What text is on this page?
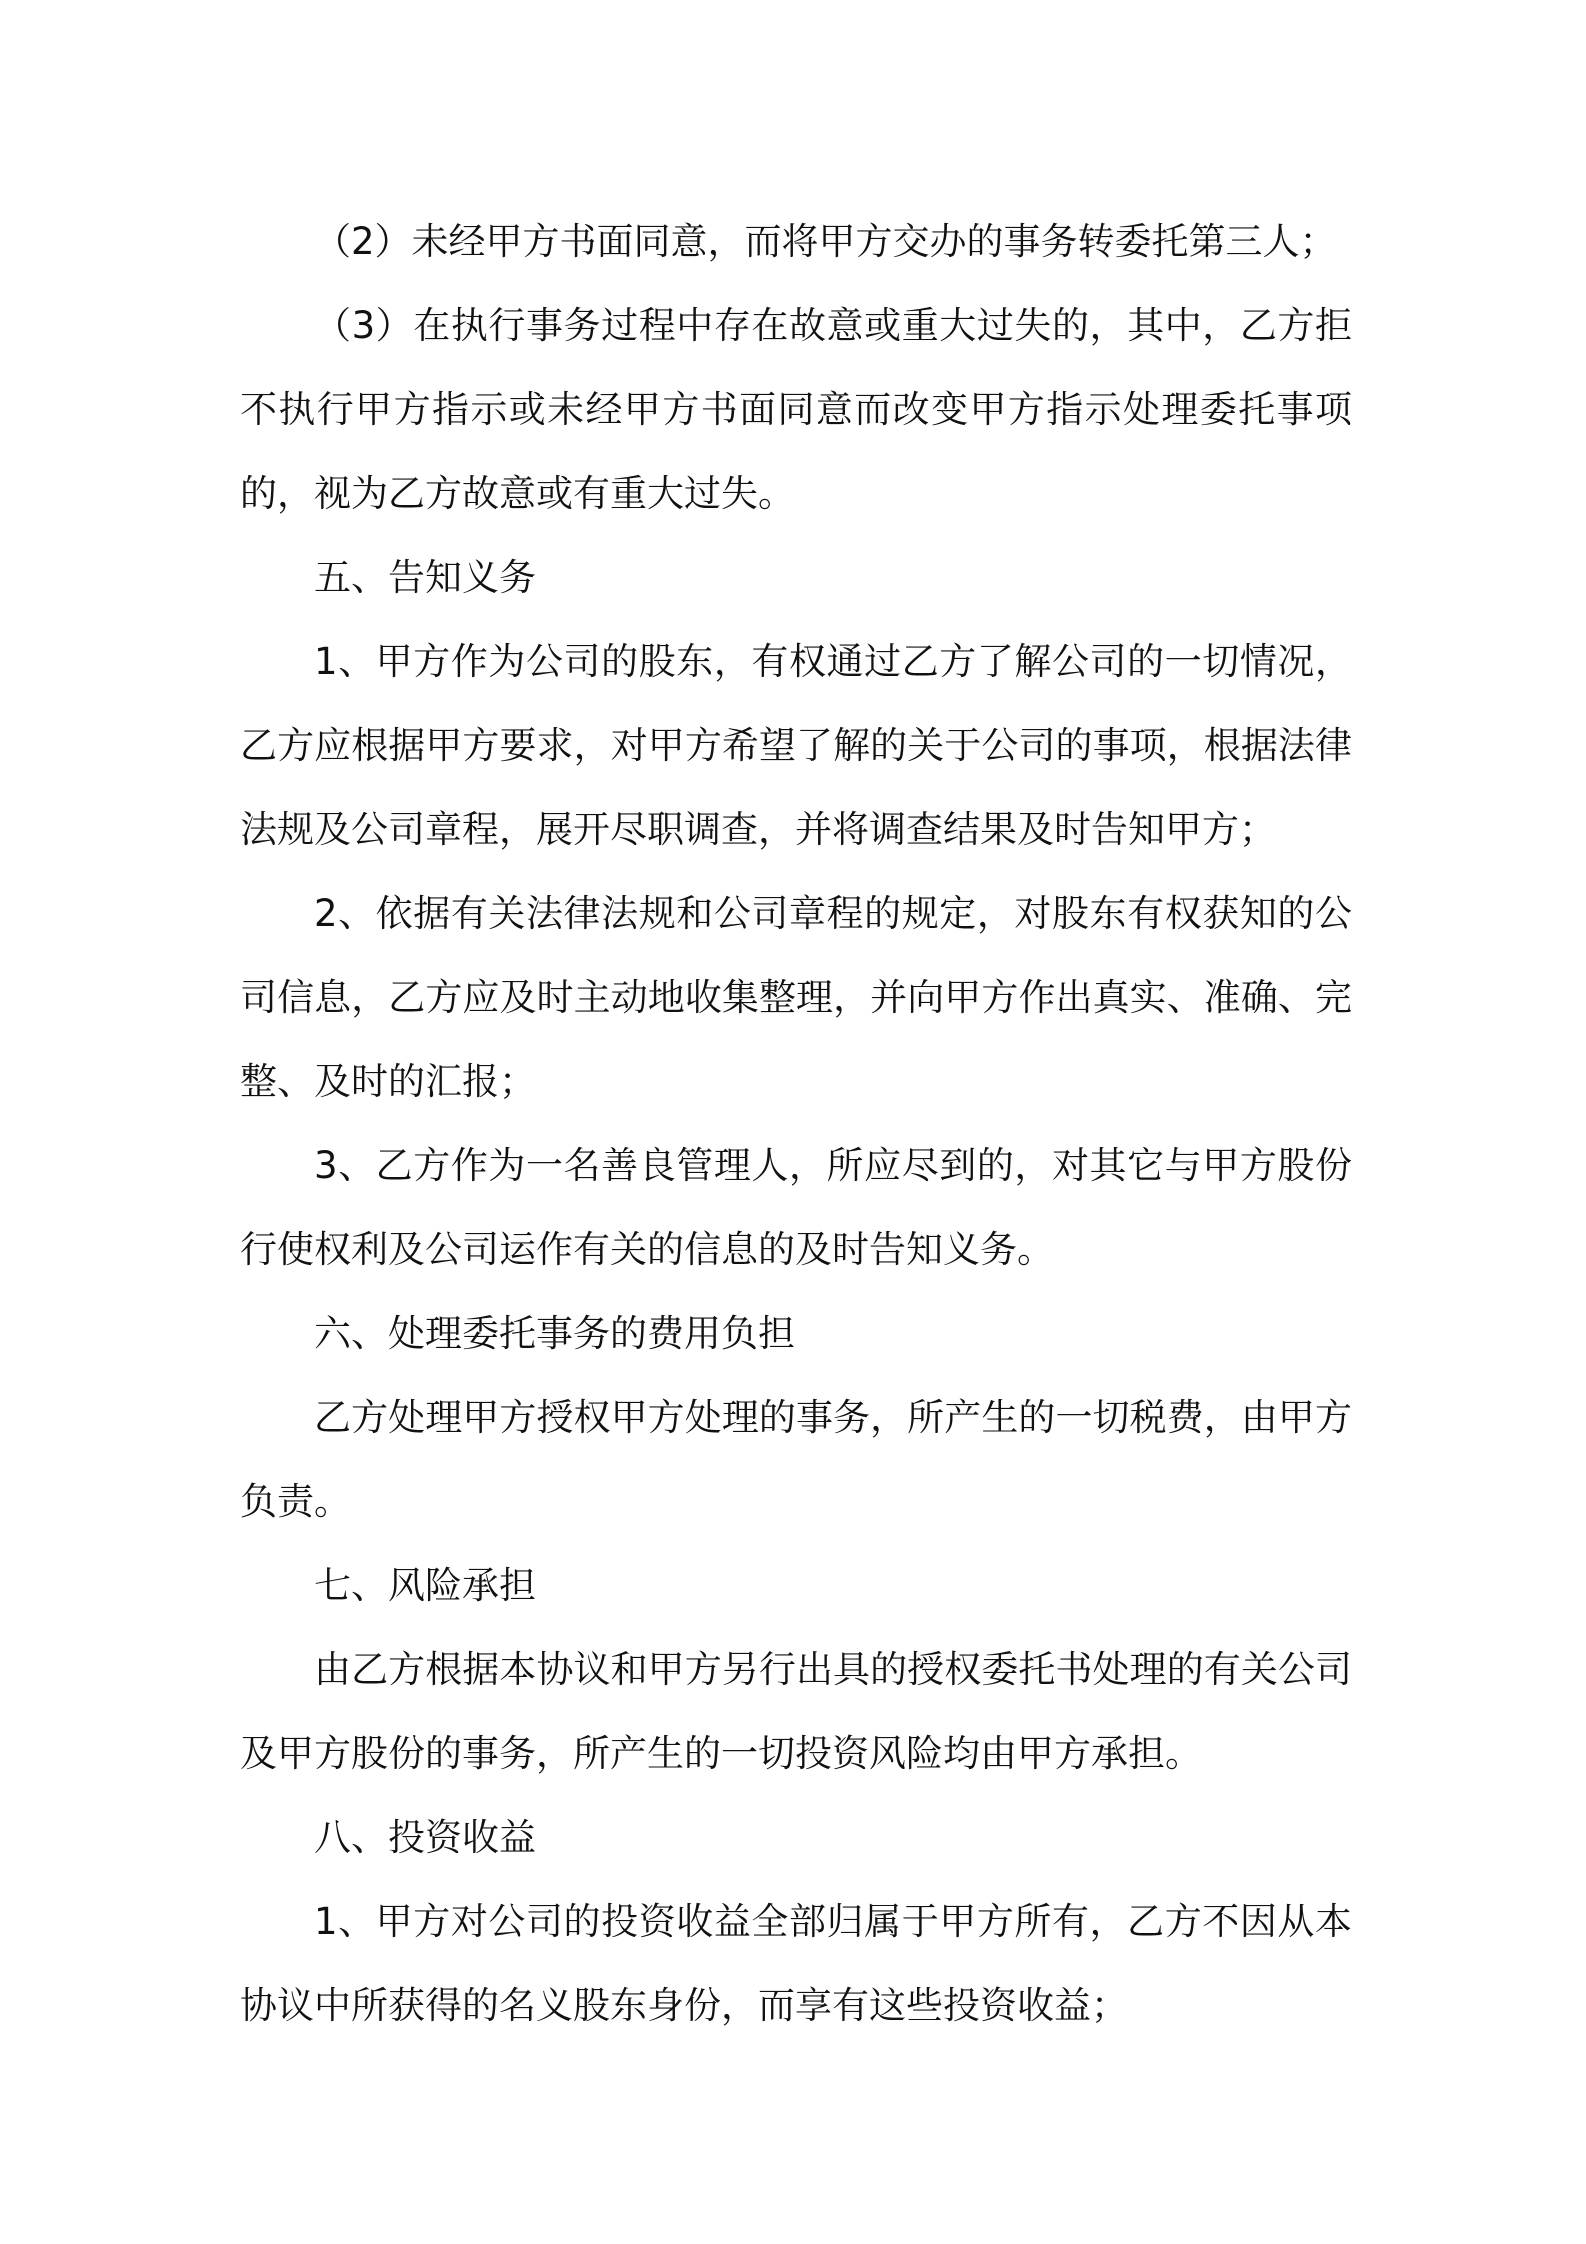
（2）未经甲方书面同意，而将甲方交办的事务转委托第三人；

（3）在执行事务过程中存在故意或重大过失的，其中，乙方拒不执行甲方指示或未经甲方书面同意而改变甲方指示处理委托事项的，视为乙方故意或有重大过失。

五、告知义务

1、甲方作为公司的股东，有权通过乙方了解公司的一切情况，乙方应根据甲方要求，对甲方希望了解的关于公司的事项，根据法律法规及公司章程，展开尽职调查，并将调查结果及时告知甲方；

2、依据有关法律法规和公司章程的规定，对股东有权获知的公司信息，乙方应及时主动地收集整理，并向甲方作出真实、准确、完整、及时的汇报；

3、乙方作为一名善良管理人，所应尽到的，对其它与甲方股份行使权利及公司运作有关的信息的及时告知义务。

六、处理委托事务的费用负担

乙方处理甲方授权甲方处理的事务，所产生的一切税费，由甲方负责。

七、风险承担

由乙方根据本协议和甲方另行出具的授权委托书处理的有关公司及甲方股份的事务，所产生的一切投资风险均由甲方承担。

八、投资收益

1、甲方对公司的投资收益全部归属于甲方所有，乙方不因从本协议中所获得的名义股东身份，而享有这些投资收益；
